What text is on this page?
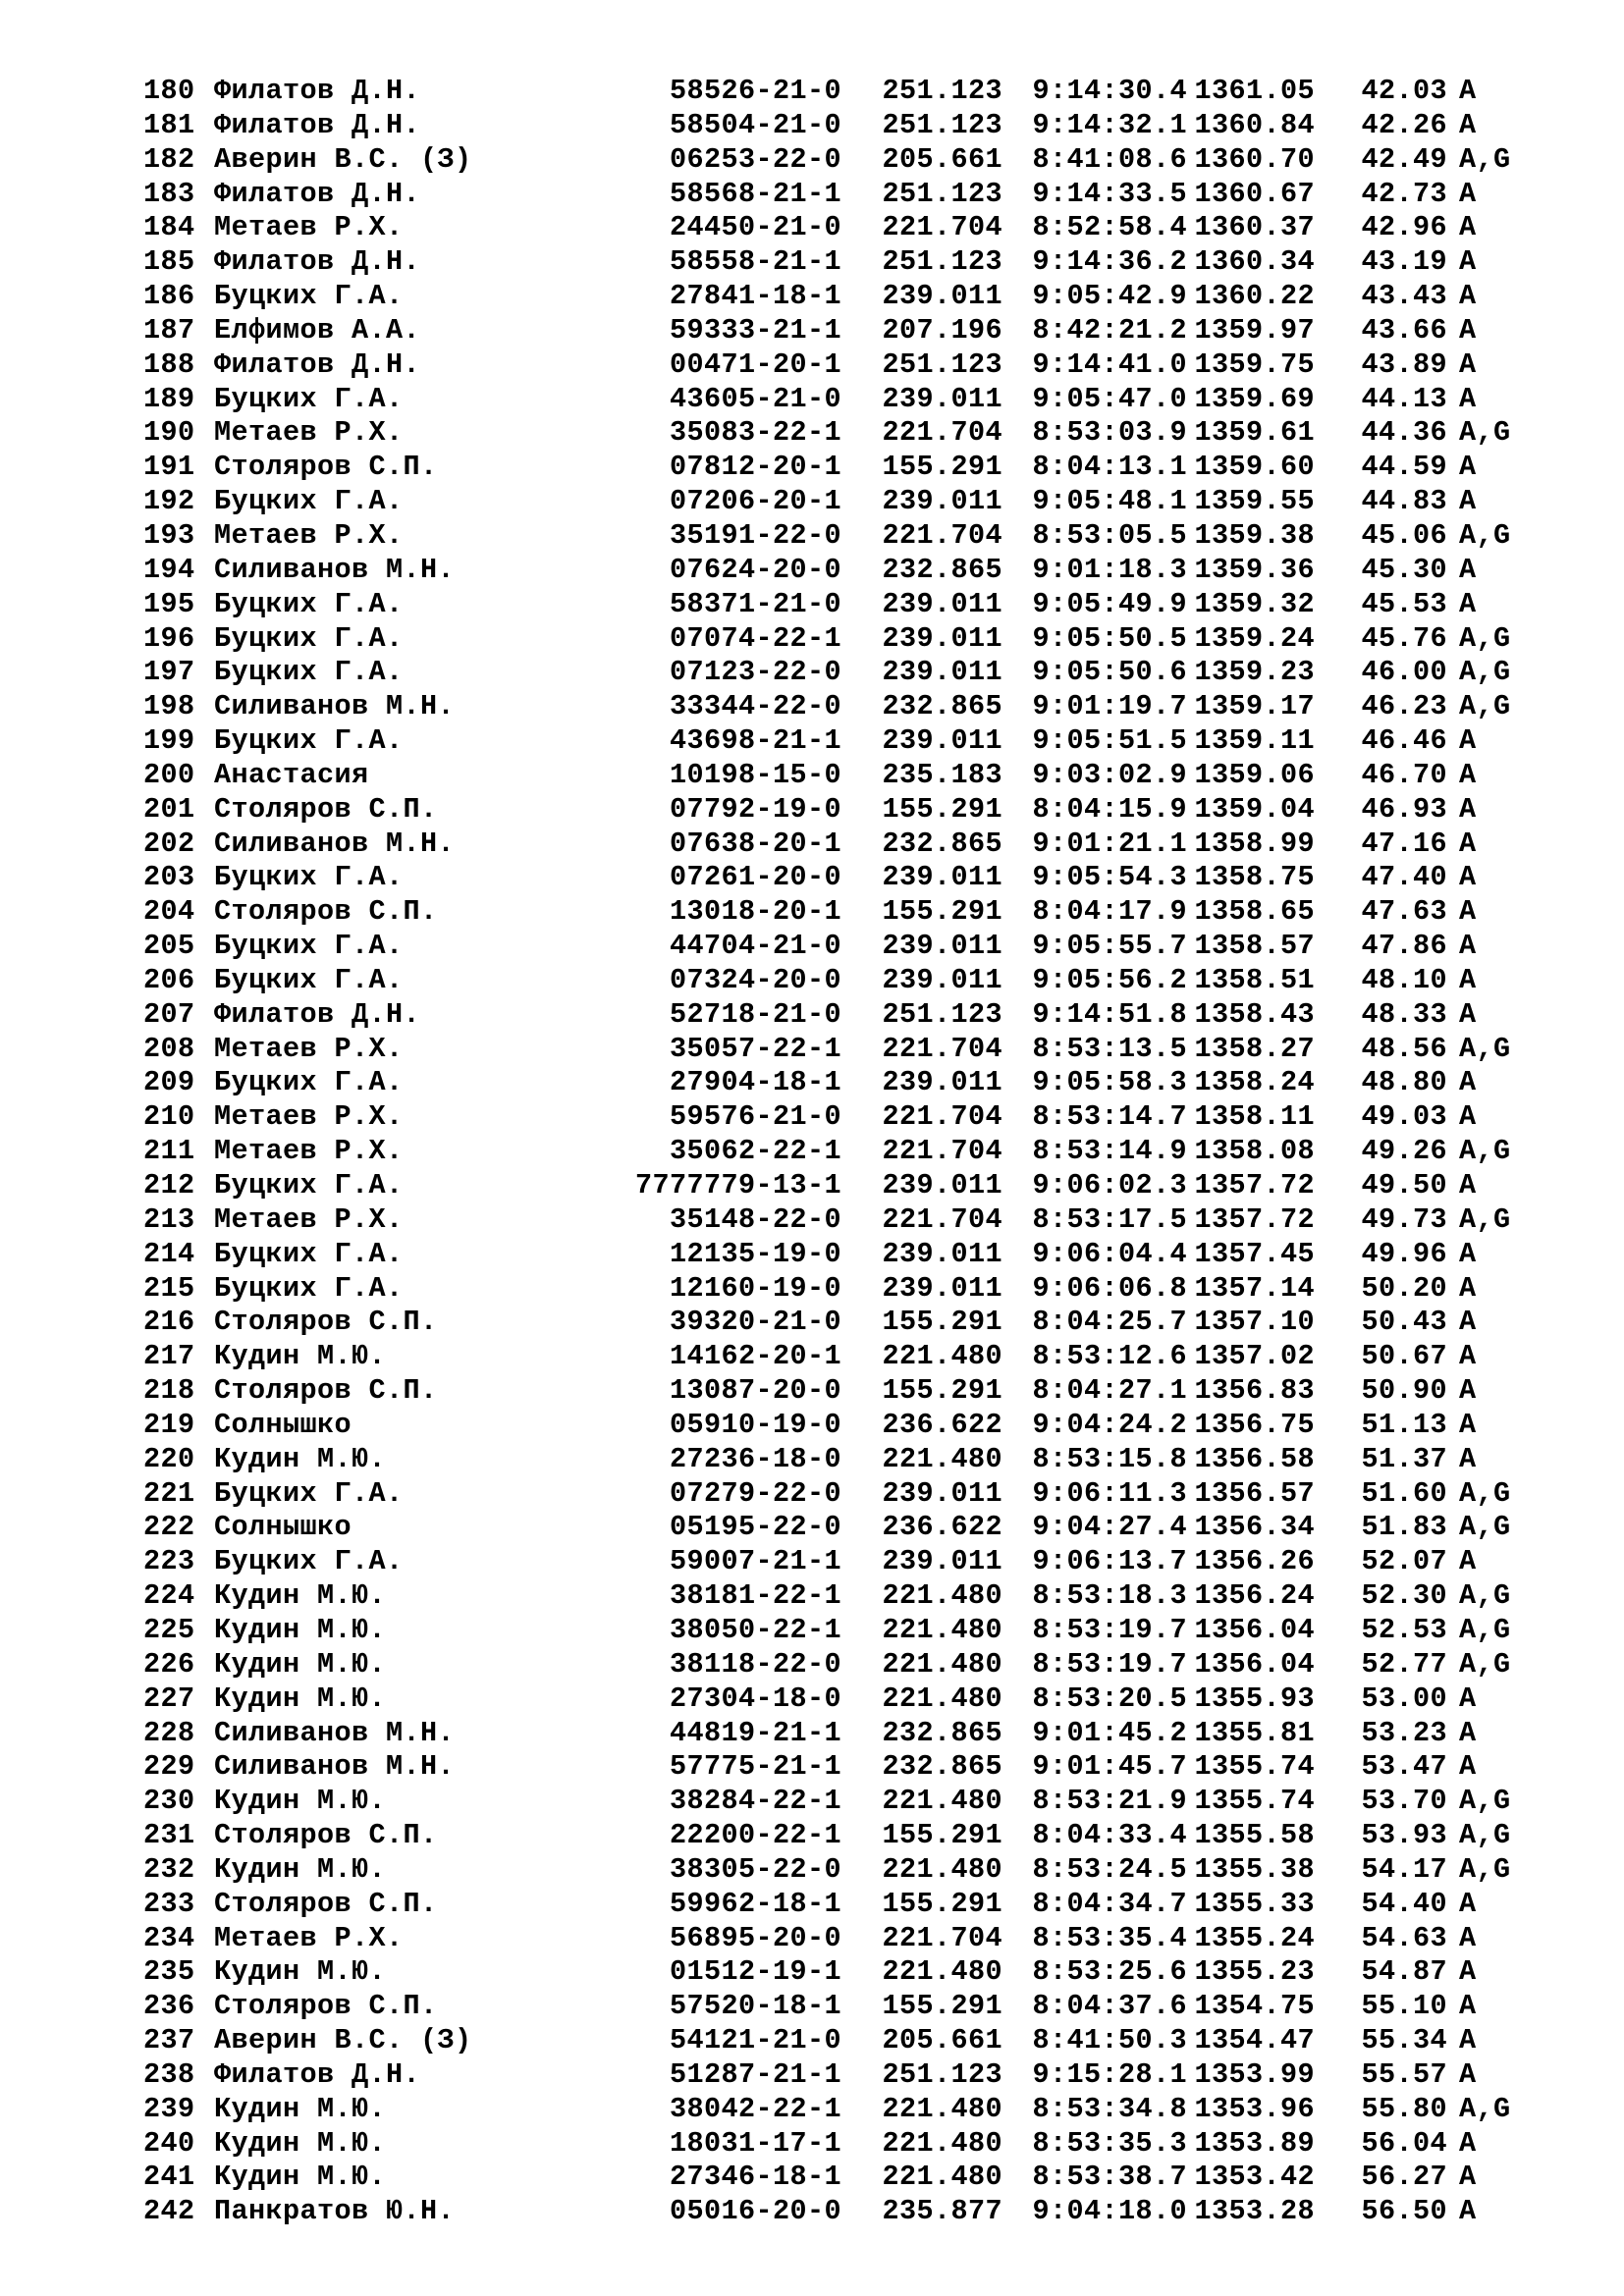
180 Филатов Д.Н.	58526-21-0	251.123	9:14:30.4 1361.05	42.03 A
181 Филатов Д.Н.	58504-21-0	251.123	9:14:32.1 1360.84	42.26 A
182 Аверин В.С. (З)	06253-22-0	205.661	8:41:08.6 1360.70	42.49 A,G
183 Филатов Д.Н.	58568-21-1	251.123	9:14:33.5 1360.67	42.73 A
184 Метаев Р.Х.	24450-21-0	221.704	8:52:58.4 1360.37	42.96 A
185 Филатов Д.Н.	58558-21-1	251.123	9:14:36.2 1360.34	43.19 A
186 Буцких Г.А.	27841-18-1	239.011	9:05:42.9 1360.22	43.43 A
187 Елфимов А.А.	59333-21-1	207.196	8:42:21.2 1359.97	43.66 A
188 Филатов Д.Н.	00471-20-1	251.123	9:14:41.0 1359.75	43.89 A
189 Буцких Г.А.	43605-21-0	239.011	9:05:47.0 1359.69	44.13 A
190 Метаев Р.Х.	35083-22-1	221.704	8:53:03.9 1359.61	44.36 A,G
191 Столяров С.П.	07812-20-1	155.291	8:04:13.1 1359.60	44.59 A
192 Буцких Г.А.	07206-20-1	239.011	9:05:48.1 1359.55	44.83 A
193 Метаев Р.Х.	35191-22-0	221.704	8:53:05.5 1359.38	45.06 A,G
194 Силиванов М.Н.	07624-20-0	232.865	9:01:18.3 1359.36	45.30 A
195 Буцких Г.А.	58371-21-0	239.011	9:05:49.9 1359.32	45.53 A
196 Буцких Г.А.	07074-22-1	239.011	9:05:50.5 1359.24	45.76 A,G
197 Буцких Г.А.	07123-22-0	239.011	9:05:50.6 1359.23	46.00 A,G
198 Силиванов М.Н.	33344-22-0	232.865	9:01:19.7 1359.17	46.23 A,G
199 Буцких Г.А.	43698-21-1	239.011	9:05:51.5 1359.11	46.46 A
200 Анастасия	10198-15-0	235.183	9:03:02.9 1359.06	46.70 A
201 Столяров С.П.	07792-19-0	155.291	8:04:15.9 1359.04	46.93 A
202 Силиванов М.Н.	07638-20-1	232.865	9:01:21.1 1358.99	47.16 A
203 Буцких Г.А.	07261-20-0	239.011	9:05:54.3 1358.75	47.40 A
204 Столяров С.П.	13018-20-1	155.291	8:04:17.9 1358.65	47.63 A
205 Буцких Г.А.	44704-21-0	239.011	9:05:55.7 1358.57	47.86 A
206 Буцких Г.А.	07324-20-0	239.011	9:05:56.2 1358.51	48.10 A
207 Филатов Д.Н.	52718-21-0	251.123	9:14:51.8 1358.43	48.33 A
208 Метаев Р.Х.	35057-22-1	221.704	8:53:13.5 1358.27	48.56 A,G
209 Буцких Г.А.	27904-18-1	239.011	9:05:58.3 1358.24	48.80 A
210 Метаев Р.Х.	59576-21-0	221.704	8:53:14.7 1358.11	49.03 A
211 Метаев Р.Х.	35062-22-1	221.704	8:53:14.9 1358.08	49.26 A,G
212 Буцких Г.А.	7777779-13-1	239.011	9:06:02.3 1357.72	49.50 A
213 Метаев Р.Х.	35148-22-0	221.704	8:53:17.5 1357.72	49.73 A,G
214 Буцких Г.А.	12135-19-0	239.011	9:06:04.4 1357.45	49.96 A
215 Буцких Г.А.	12160-19-0	239.011	9:06:06.8 1357.14	50.20 A
216 Столяров С.П.	39320-21-0	155.291	8:04:25.7 1357.10	50.43 A
217 Кудин М.Ю.	14162-20-1	221.480	8:53:12.6 1357.02	50.67 A
218 Столяров С.П.	13087-20-0	155.291	8:04:27.1 1356.83	50.90 A
219 Солнышко	05910-19-0	236.622	9:04:24.2 1356.75	51.13 A
220 Кудин М.Ю.	27236-18-0	221.480	8:53:15.8 1356.58	51.37 A
221 Буцких Г.А.	07279-22-0	239.011	9:06:11.3 1356.57	51.60 A,G
222 Солнышко	05195-22-0	236.622	9:04:27.4 1356.34	51.83 A,G
223 Буцких Г.А.	59007-21-1	239.011	9:06:13.7 1356.26	52.07 A
224 Кудин М.Ю.	38181-22-1	221.480	8:53:18.3 1356.24	52.30 A,G
225 Кудин М.Ю.	38050-22-1	221.480	8:53:19.7 1356.04	52.53 A,G
226 Кудин М.Ю.	38118-22-0	221.480	8:53:19.7 1356.04	52.77 A,G
227 Кудин М.Ю.	27304-18-0	221.480	8:53:20.5 1355.93	53.00 A
228 Силиванов М.Н.	44819-21-1	232.865	9:01:45.2 1355.81	53.23 A
229 Силиванов М.Н.	57775-21-1	232.865	9:01:45.7 1355.74	53.47 A
230 Кудин М.Ю.	38284-22-1	221.480	8:53:21.9 1355.74	53.70 A,G
231 Столяров С.П.	22200-22-1	155.291	8:04:33.4 1355.58	53.93 A,G
232 Кудин М.Ю.	38305-22-0	221.480	8:53:24.5 1355.38	54.17 A,G
233 Столяров С.П.	59962-18-1	155.291	8:04:34.7 1355.33	54.40 A
234 Метаев Р.Х.	56895-20-0	221.704	8:53:35.4 1355.24	54.63 A
235 Кудин М.Ю.	01512-19-1	221.480	8:53:25.6 1355.23	54.87 A
236 Столяров С.П.	57520-18-1	155.291	8:04:37.6 1354.75	55.10 A
237 Аверин В.С. (З)	54121-21-0	205.661	8:41:50.3 1354.47	55.34 A
238 Филатов Д.Н.	51287-21-1	251.123	9:15:28.1 1353.99	55.57 A
239 Кудин М.Ю.	38042-22-1	221.480	8:53:34.8 1353.96	55.80 A,G
240 Кудин М.Ю.	18031-17-1	221.480	8:53:35.3 1353.89	56.04 A
241 Кудин М.Ю.	27346-18-1	221.480	8:53:38.7 1353.42	56.27 A
242 Панкратов Ю.Н.	05016-20-0	235.877	9:04:18.0 1353.28	56.50 A
